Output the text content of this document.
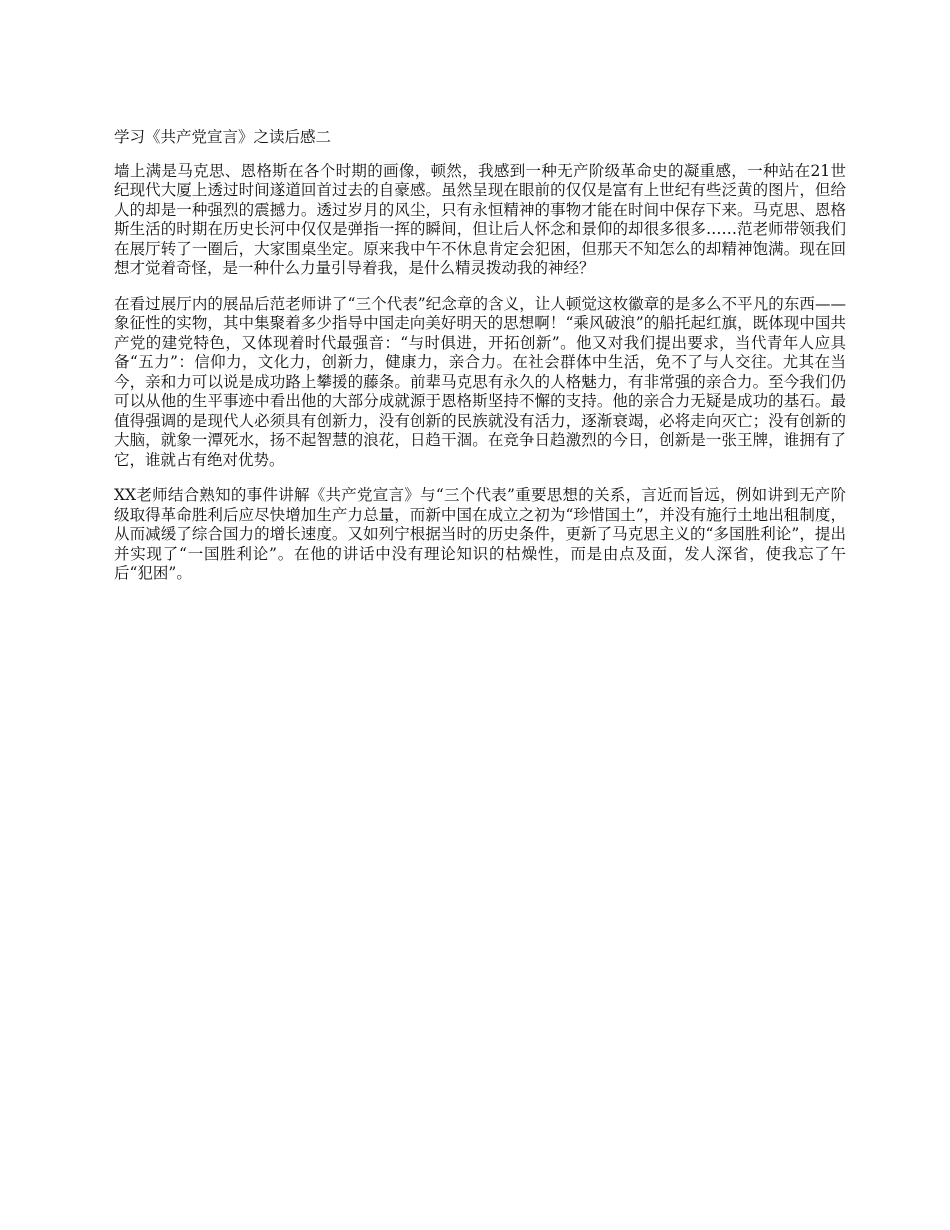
学习《共产党宣言》之读后感二

墙上满是马克思、恩格斯在各个时期的画像，顿然，我感到一种无产阶级革命史的凝重感，一种站在21世纪现代大厦上透过时间遂道回首过去的自豪感。虽然呈现在眼前的仅仅是富有上世纪有些泛黄的图片，但给人的却是一种强烈的震撼力。透过岁月的风尘，只有永恒精神的事物才能在时间中保存下来。马克思、恩格斯生活的时期在历史长河中仅仅是弹指一挥的瞬间，但让后人怀念和景仰的却很多很多……范老师带领我们在展厅转了一圈后，大家围桌坐定。原来我中午不休息肯定会犯困，但那天不知怎么的却精神饱满。现在回想才觉着奇怪，是一种什么力量引导着我，是什么精灵拨动我的神经？

在看过展厅内的展品后范老师讲了“三个代表”纪念章的含义，让人顿觉这枚徽章的是多么不平凡的东西——象征性的实物，其中集聚着多少指导中国走向美好明天的思想啊！“乘风破浪”的船托起红旗，既体现中国共产党的建党特色，又体现着时代最强音：“与时俱进，开拓创新”。他又对我们提出要求，当代青年人应具备“五力”：信仰力，文化力，创新力，健康力，亲合力。在社会群体中生活，免不了与人交往。尤其在当今，亲和力可以说是成功路上攀援的藤条。前辈马克思有永久的人格魅力，有非常强的亲合力。至今我们仍可以从他的生平事迹中看出他的大部分成就源于恩格斯坚持不懈的支持。他的亲合力无疑是成功的基石。最值得强调的是现代人必须具有创新力，没有创新的民族就没有活力，逐渐衰竭，必将走向灭亡；没有创新的大脑，就象一潭死水，扬不起智慧的浪花，日趋干涸。在竞争日趋激烈的今日，创新是一张王牌，谁拥有了它，谁就占有绝对优势。

XX老师结合熟知的事件讲解《共产党宣言》与“三个代表”重要思想的关系，言近而旨远，例如讲到无产阶级取得革命胜利后应尽快增加生产力总量，而新中国在成立之初为“珍惜国土”，并没有施行土地出租制度，从而减缓了综合国力的增长速度。又如列宁根据当时的历史条件，更新了马克思主义的“多国胜利论”，提出并实现了“一国胜利论”。在他的讲话中没有理论知识的枯燥性，而是由点及面，发人深省，使我忘了午后“犯困”。
